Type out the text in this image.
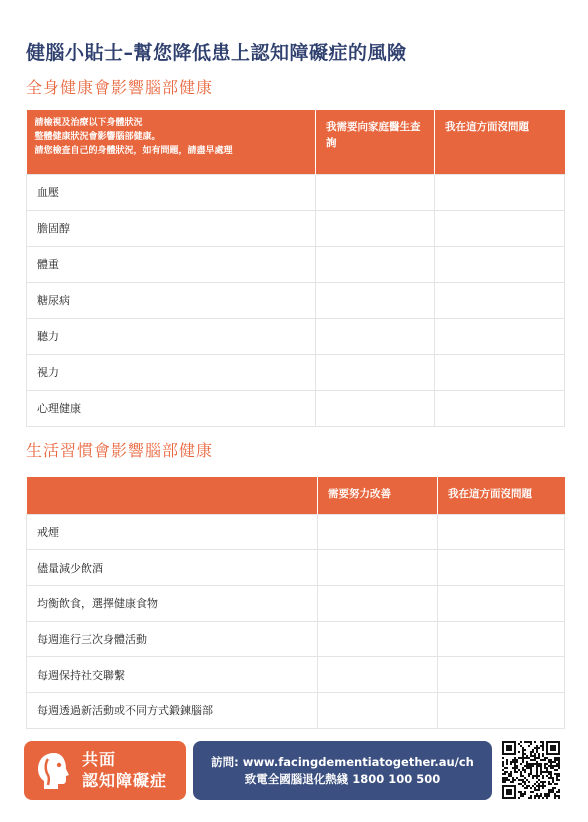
健腦小貼士–幫您降低患上認知障礙症的風險
全身健康會影響腦部健康
請檢視及治療以下身體狀況
整體健康狀況會影響腦部健康。
請您檢查自己的身體狀況，如有問題，請盡早處理	我需要向家庭醫生查詢	我在這方面沒問題
血壓		
膽固醇		
體重		
糖尿病		
聽力		
視力		
心理健康		
生活習慣會影響腦部健康
	需要努力改善	我在這方面沒問題
戒煙		
儘量減少飲酒		
均衡飲食，選擇健康食物		
每週進行三次身體活動		
每週保持社交聯繫		
每週透過新活動或不同方式鍛鍊腦部		
共面
認知障礙症
訪問: www.facingdementiatogether.au/ch
致電全國腦退化熱綫 1800 100 500
